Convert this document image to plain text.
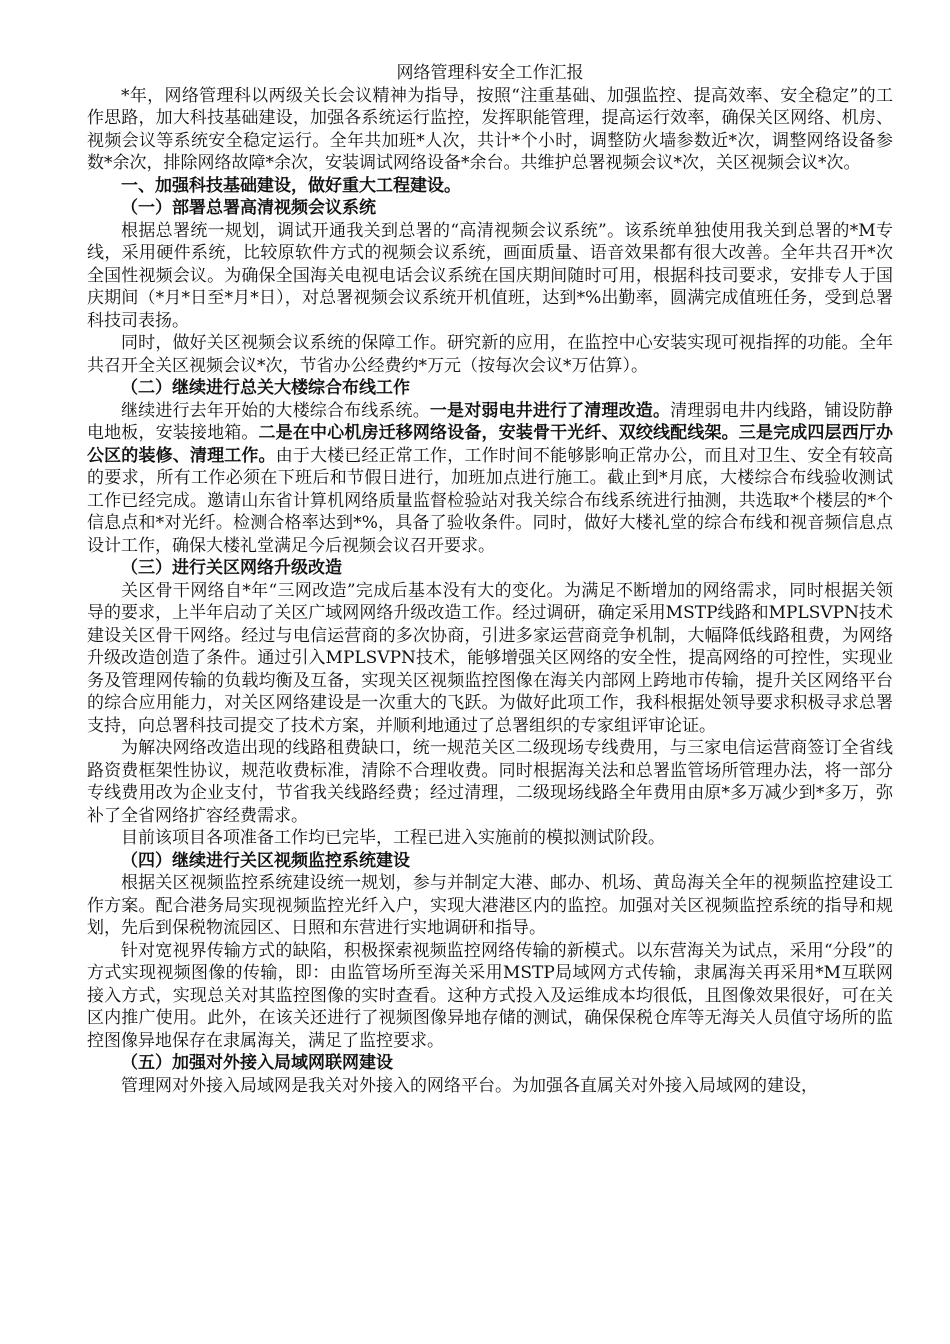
网络管理科安全工作汇报

*年，网络管理科以两级关长会议精神为指导，按照“注重基础、加强监控、提高效率、安全稳定”的工作思路，加大科技基础建设，加强各系统运行监控，发挥职能管理，提高运行效率，确保关区网络、机房、视频会议等系统安全稳定运行。全年共加班*人次，共计*个小时，调整防火墙参数近*次，调整网络设备参数*余次，排除网络故障*余次，安装调试网络设备*余台。共维护总署视频会议*次，关区视频会议*次。

一、加强科技基础建设，做好重大工程建设。

（一）部署总署高清视频会议系统

根据总署统一规划，调试开通我关到总署的“高清视频会议系统”。该系统单独使用我关到总署的*M专线，采用硬件系统，比较原软件方式的视频会议系统，画面质量、语音效果都有很大改善。全年共召开*次全国性视频会议。为确保全国海关电视电话会议系统在国庆期间随时可用，根据科技司要求，安排专人于国庆期间（*月*日至*月*日），对总署视频会议系统开机值班，达到*%出勤率，圆满完成值班任务，受到总署科技司表扬。

同时，做好关区视频会议系统的保障工作。研究新的应用，在监控中心安装实现可视指挥的功能。全年共召开全关区视频会议*次，节省办公经费约*万元（按每次会议*万估算）。

（二）继续进行总关大楼综合布线工作

继续进行去年开始的大楼综合布线系统。一是对弱电井进行了清理改造。清理弱电井内线路，铺设防静电地板，安装接地箱。二是在中心机房迁移网络设备，安装骨干光纤、双绞线配线架。三是完成四层西厅办公区的装修、清理工作。由于大楼已经正常工作，工作时间不能够影响正常办公，而且对卫生、安全有较高的要求，所有工作必须在下班后和节假日进行，加班加点进行施工。截止到*月底，大楼综合布线验收测试工作已经完成。邀请山东省计算机网络质量监督检验站对我关综合布线系统进行抽测，共选取*个楼层的*个信息点和*对光纤。检测合格率达到*%，具备了验收条件。同时，做好大楼礼堂的综合布线和视音频信息点设计工作，确保大楼礼堂满足今后视频会议召开要求。

（三）进行关区网络升级改造

关区骨干网络自*年“三网改造”完成后基本没有大的变化。为满足不断增加的网络需求，同时根据关领导的要求，上半年启动了关区广域网网络升级改造工作。经过调研，确定采用MSTP线路和MPLSVPN技术建设关区骨干网络。经过与电信运营商的多次协商，引进多家运营商竞争机制，大幅降低线路租费，为网络升级改造创造了条件。通过引入MPLSVPN技术，能够增强关区网络的安全性，提高网络的可控性，实现业务及管理网传输的负载均衡及互备，实现关区视频监控图像在海关内部网上跨地市传输，提升关区网络平台的综合应用能力，对关区网络建设是一次重大的飞跃。为做好此项工作，我科根据处领导要求积极寻求总署支持，向总署科技司提交了技术方案，并顺利地通过了总署组织的专家组评审论证。

为解决网络改造出现的线路租费缺口，统一规范关区二级现场专线费用，与三家电信运营商签订全省线路资费框架性协议，规范收费标准，清除不合理收费。同时根据海关法和总署监管场所管理办法，将一部分专线费用改为企业支付，节省我关线路经费；经过清理，二级现场线路全年费用由原*多万减少到*多万，弥补了全省网络扩容经费需求。

目前该项目各项准备工作均已完毕，工程已进入实施前的模拟测试阶段。

（四）继续进行关区视频监控系统建设

根据关区视频监控系统建设统一规划，参与并制定大港、邮办、机场、黄岛海关全年的视频监控建设工作方案。配合港务局实现视频监控光纤入户，实现大港港区内的监控。加强对关区视频监控系统的指导和规划，先后到保税物流园区、日照和东营进行实地调研和指导。

针对宽视界传输方式的缺陷，积极探索视频监控网络传输的新模式。以东营海关为试点，采用“分段”的方式实现视频图像的传输，即：由监管场所至海关采用MSTP局域网方式传输，隶属海关再采用*M互联网接入方式，实现总关对其监控图像的实时查看。这种方式投入及运维成本均很低，且图像效果很好，可在关区内推广使用。此外，在该关还进行了视频图像异地存储的测试，确保保税仓库等无海关人员值守场所的监控图像异地保存在隶属海关，满足了监控要求。

（五）加强对外接入局域网联网建设

管理网对外接入局域网是我关对外接入的网络平台。为加强各直属关对外接入局域网的建设，
